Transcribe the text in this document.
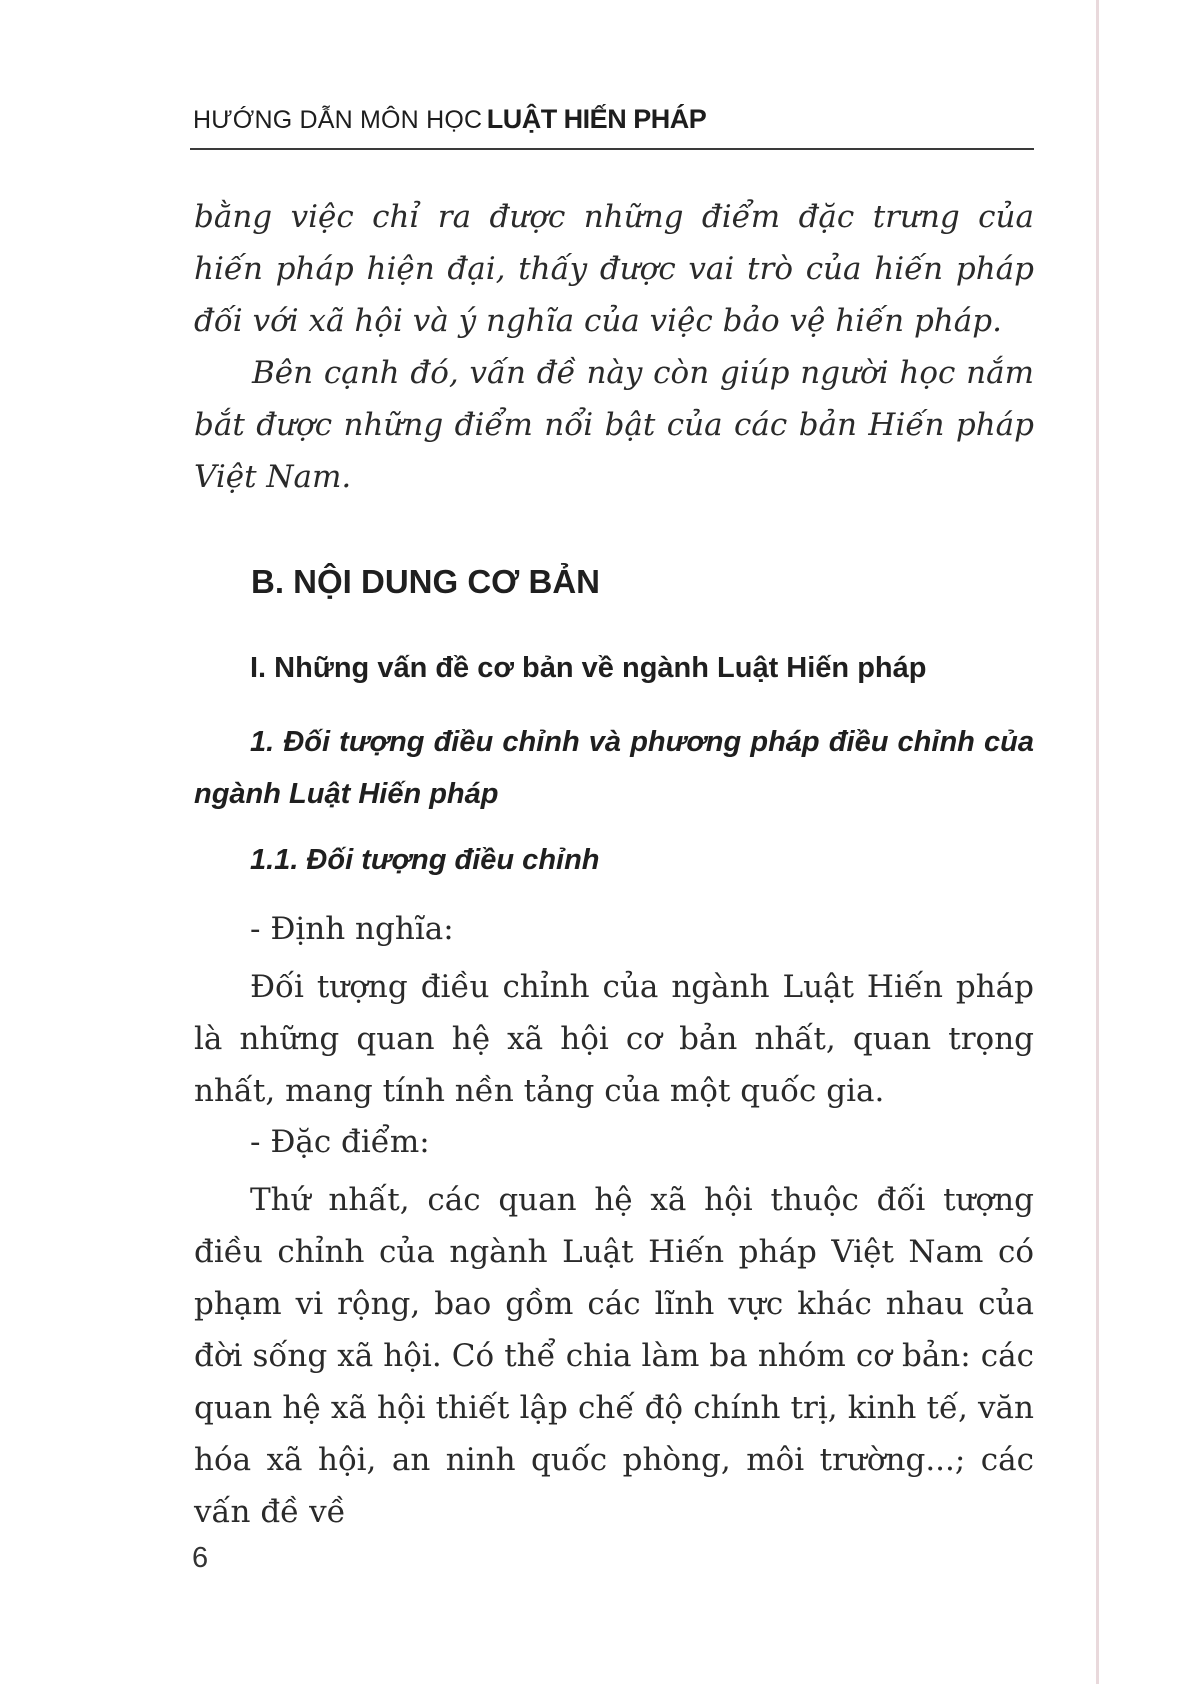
HƯỚNG DẪN MÔN HỌC LUẬT HIẾN PHÁP

bằng việc chỉ ra được những điểm đặc trưng của hiến pháp hiện đại, thấy được vai trò của hiến pháp đối với xã hội và ý nghĩa của việc bảo vệ hiến pháp.

Bên cạnh đó, vấn đề này còn giúp người học nắm bắt được những điểm nổi bật của các bản Hiến pháp Việt Nam.

B. NỘI DUNG CƠ BẢN
I. Những vấn đề cơ bản về ngành Luật Hiến pháp
1. Đối tượng điều chỉnh và phương pháp điều chỉnh của ngành Luật Hiến pháp
1.1. Đối tượng điều chỉnh

- Định nghĩa:

Đối tượng điều chỉnh của ngành Luật Hiến pháp là những quan hệ xã hội cơ bản nhất, quan trọng nhất, mang tính nền tảng của một quốc gia.

- Đặc điểm:

Thứ nhất, các quan hệ xã hội thuộc đối tượng điều chỉnh của ngành Luật Hiến pháp Việt Nam có phạm vi rộng, bao gồm các lĩnh vực khác nhau của đời sống xã hội. Có thể chia làm ba nhóm cơ bản: các quan hệ xã hội thiết lập chế độ chính trị, kinh tế, văn hóa xã hội, an ninh quốc phòng, môi trường...; các vấn đề về

6
